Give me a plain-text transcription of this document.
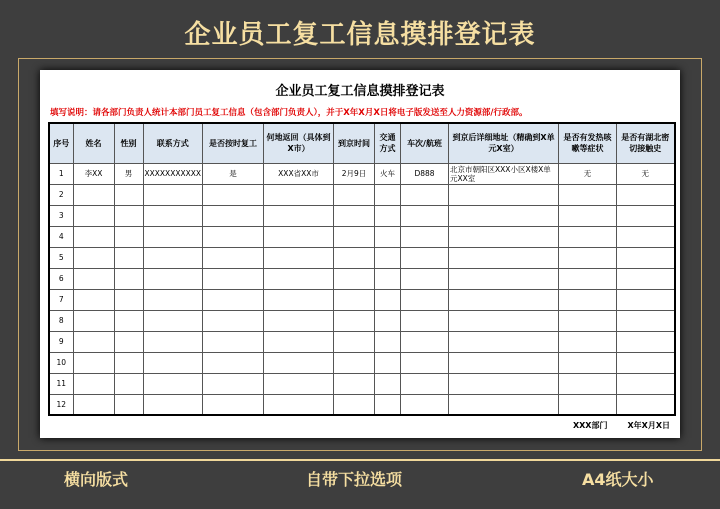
企业员工复工信息摸排登记表
企业员工复工信息摸排登记表
填写说明：请各部门负责人统计本部门员工复工信息（包含部门负责人），并于X年X月X日将电子版发送至人力资源部/行政部。
序号	姓名	性别	联系方式	是否按时复工	何地返回（具体到X市）	到京时间	交通方式	车次/航班	到京后详细地址（精确到X单元X室）	是否有发热咳嗽等症状	是否有湖北密切接触史
1	李XX	男	XXXXXXXXXXX	是	XXX省XX市	2月9日	火车	D888	北京市朝阳区XXX小区X楼X单元XX室	无	无
2											
3											
4											
5											
6											
7											
8											
9											
10											
11											
12											
XXX部门	X年X月X日
横向版式	自带下拉选项	A4纸大小
